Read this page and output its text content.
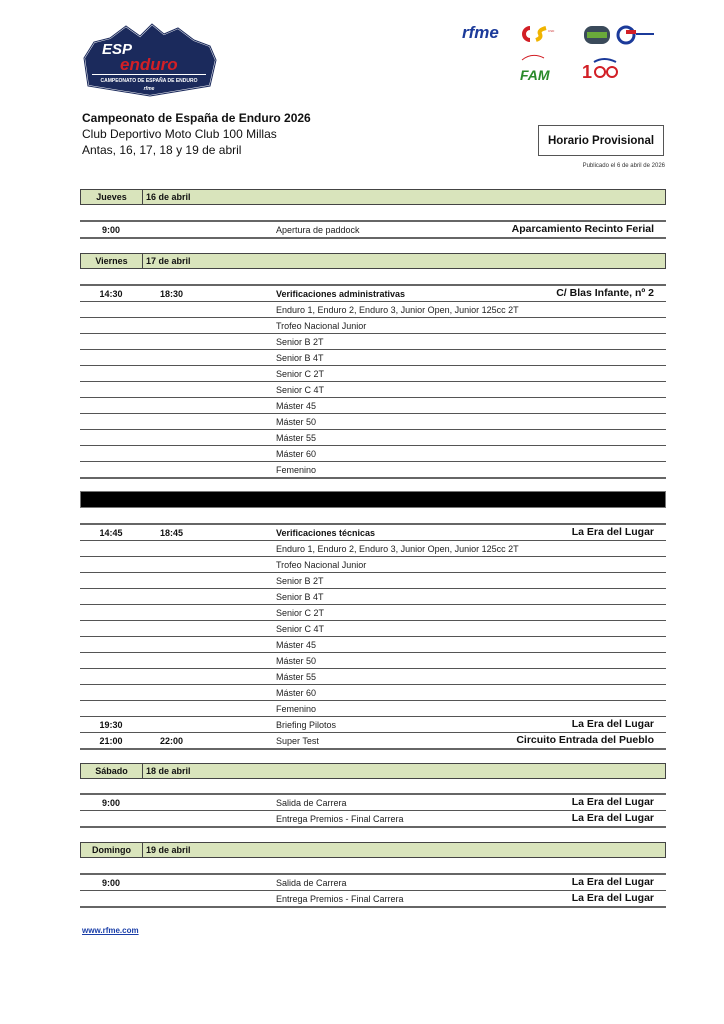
ESP
enduro
CAMPEONATO DE ESPAÑA DE ENDURO
rfme
rfme	CSD
FAM 1
Campeonato de España de Enduro 2026
Club Deportivo Moto Club 100 Millas
Antas, 16, 17, 18 y 19 de abril
Horario Provisional
Publicado el 6 de abril de 2026
Jueves	16 de abril
9:00	Apertura de paddock	Aparcamiento Recinto Ferial
Viernes	17 de abril
14:30	18:30	Verificaciones administrativas	C/ Blas Infante, nº 2
Enduro 1, Enduro 2, Enduro 3, Junior Open, Junior 125cc 2T
Trofeo Nacional Junior
Senior B 2T
Senior B 4T
Senior C 2T
Senior C 4T
Máster 45
Máster 50
Máster 55
Máster 60
Femenino
14:45	18:45	Verificaciones técnicas	La Era del Lugar
Enduro 1, Enduro 2, Enduro 3, Junior Open, Junior 125cc 2T
Trofeo Nacional Junior
Senior B 2T
Senior B 4T
Senior C 2T
Senior C 4T
Máster 45
Máster 50
Máster 55
Máster 60
Femenino
19:30	Briefing Pilotos	La Era del Lugar
21:00	22:00	Super Test	Circuito Entrada del Pueblo
Sábado	18 de abril
9:00	Salida de Carrera	La Era del Lugar
Entrega Premios - Final Carrera	La Era del Lugar
Domingo	19 de abril
9:00	Salida de Carrera	La Era del Lugar
Entrega Premios - Final Carrera	La Era del Lugar
www.rfme.com
